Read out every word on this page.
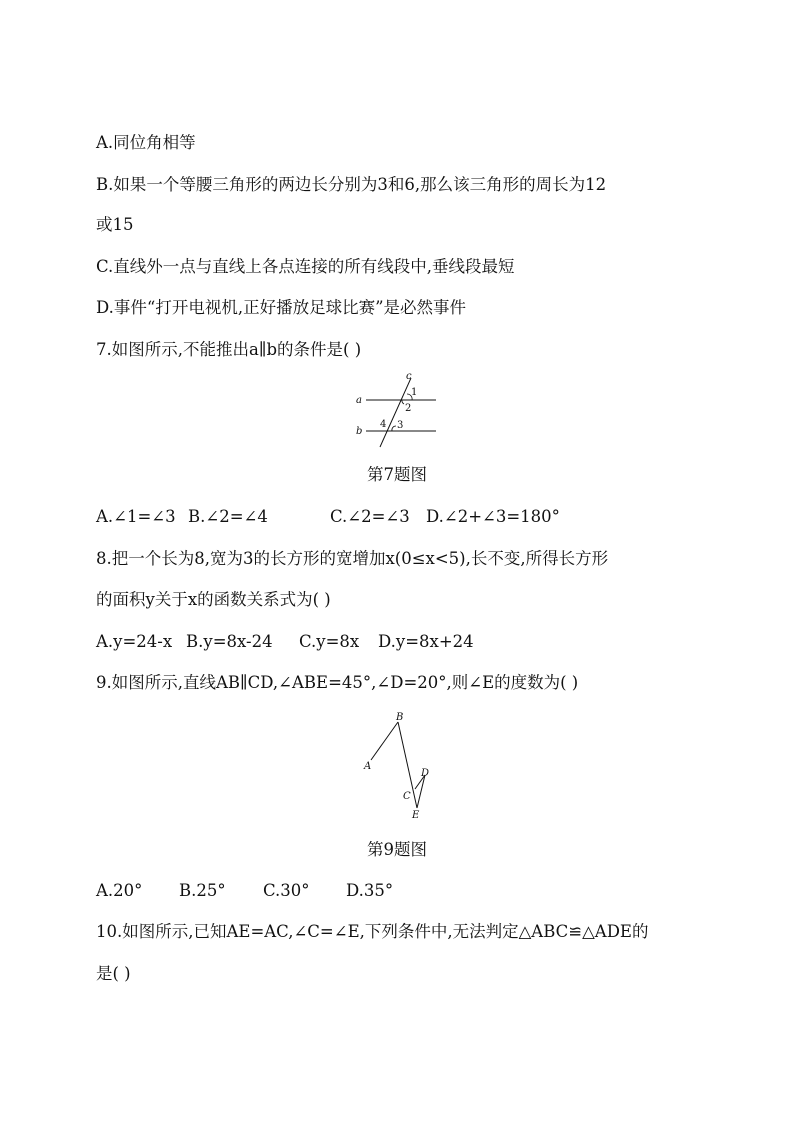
A.同位角相等
B.如果一个等腰三角形的两边长分别为3和6,那么该三角形的周长为12
或15
C.直线外一点与直线上各点连接的所有线段中,垂线段最短
D.事件“打开电视机,正好播放足球比赛”是必然事件
7.如图所示,不能推出a∥b的条件是( )
a
b
c
1
2
3
4
第7题图
A.∠1=∠3 B.∠2=∠4	C.∠2=∠3 D.∠2+∠3=180°
8.把一个长为8,宽为3的长方形的宽增加x(0≤x<5),长不变,所得长方形
的面积y关于x的函数关系式为( )
A.y=24-x B.y=8x-24 C.y=8x D.y=8x+24
9.如图所示,直线AB∥CD,∠ABE=45°,∠D=20°,则∠E的度数为( )
A
B
C
D
E
第9题图
A.20° B.25° C.30° D.35°
10.如图所示,已知AE=AC,∠C=∠E,下列条件中,无法判定△ABC≌△ADE的
是( )
